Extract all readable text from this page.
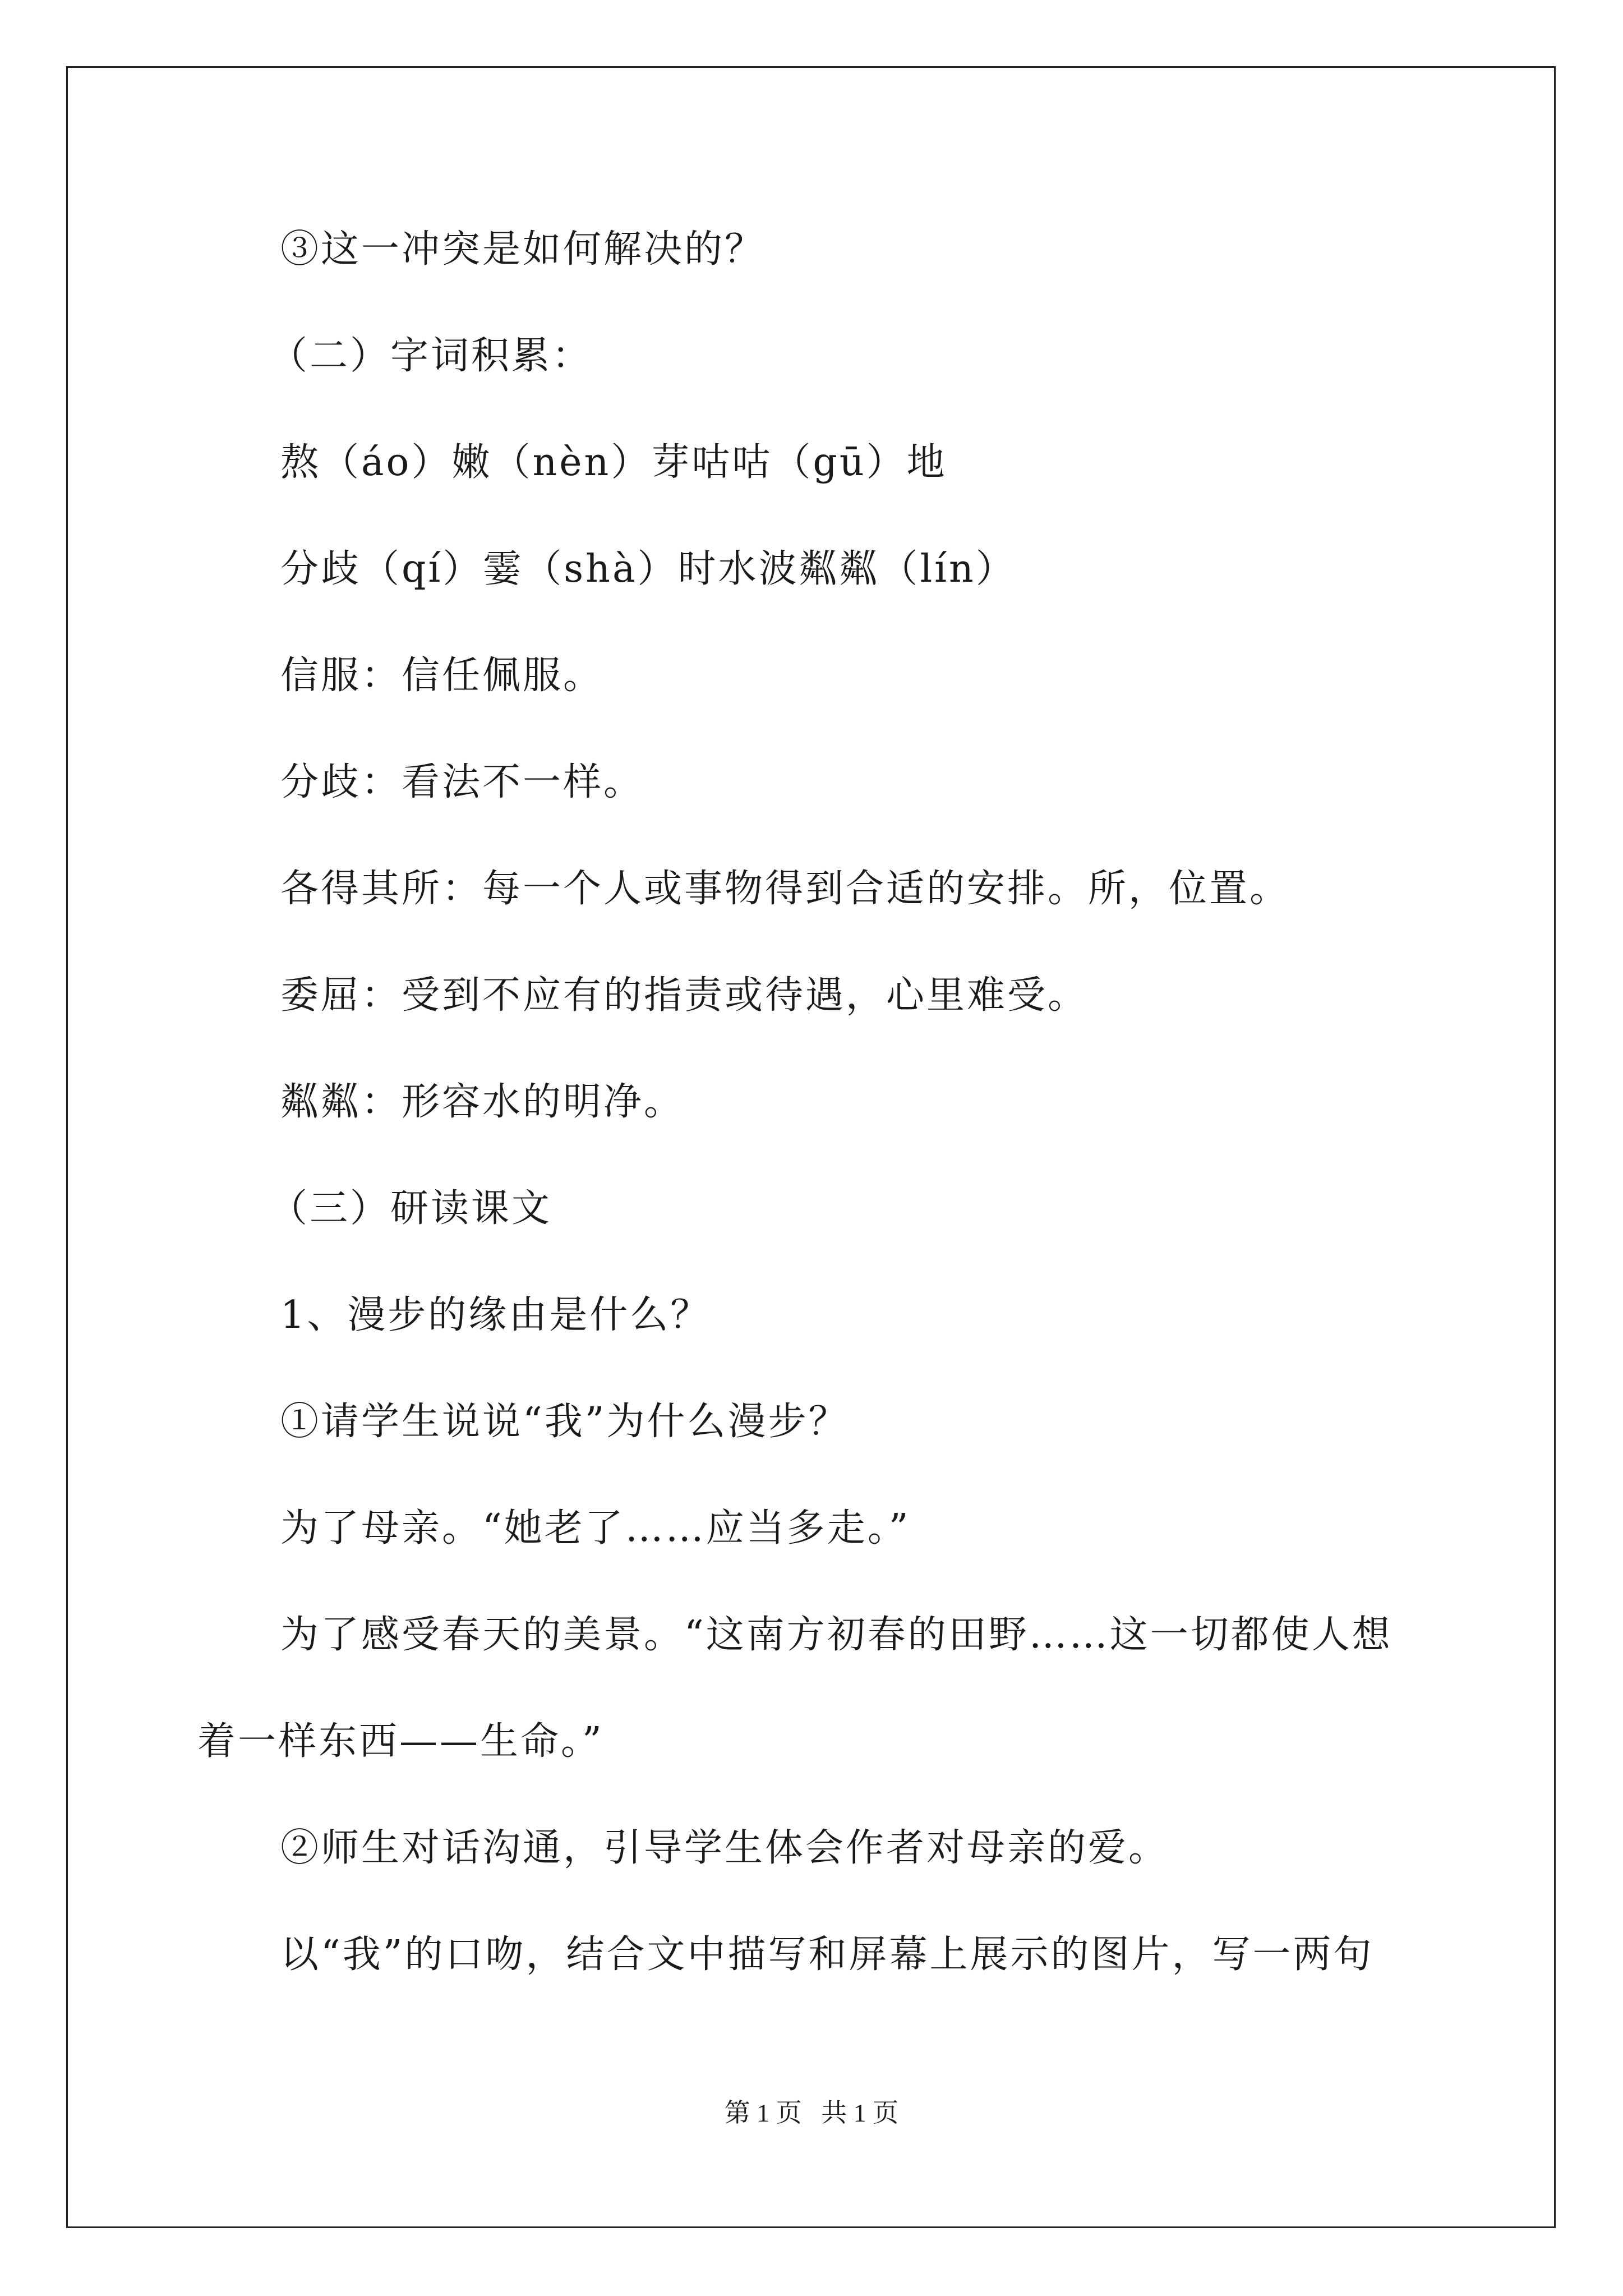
③这一冲突是如何解决的？
（二）字词积累：
熬（áo）嫩（nèn）芽咕咕（gū）地
分歧（qí）霎（shà）时水波粼粼（lín）
信服：信任佩服。
分歧：看法不一样。
各得其所：每一个人或事物得到合适的安排。所，位置。
委屈：受到不应有的指责或待遇，心里难受。
粼粼：形容水的明净。
（三）研读课文
1、漫步的缘由是什么？
①请学生说说“我”为什么漫步？
为了母亲。“她老了……应当多走。”
为了感受春天的美景。“这南方初春的田野……这一切都使人想
着一样东西——生命。”
②师生对话沟通，引导学生体会作者对母亲的爱。
以“我”的口吻，结合文中描写和屏幕上展示的图片，写一两句
第 1 页   共 1 页
